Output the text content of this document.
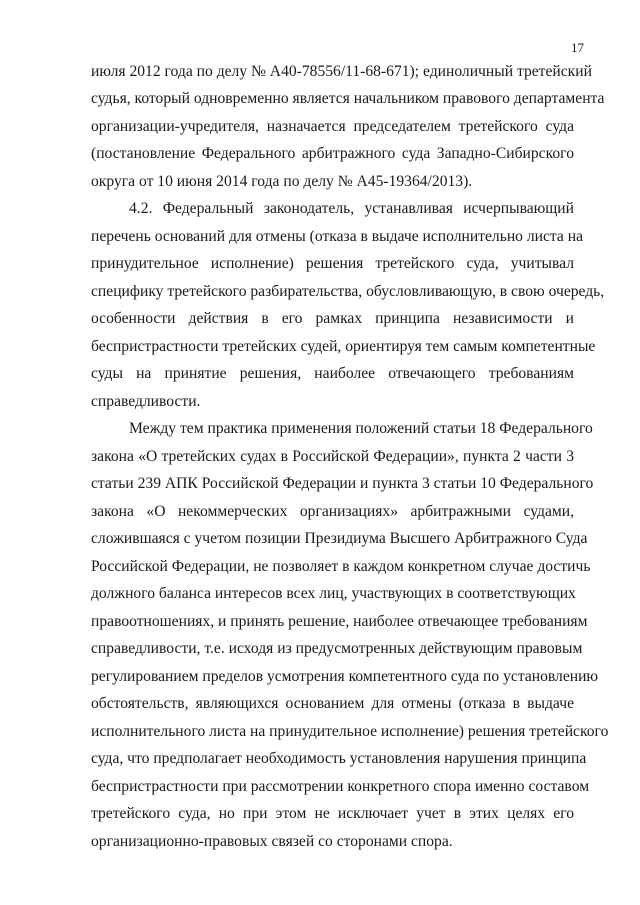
17
июля 2012 года по делу № А40-78556/11-68-671); единоличный третейский
судья, который одновременно является начальником правового департамента
организации-учредителя, назначается председателем третейского суда
(постановление Федерального арбитражного суда Западно-Сибирского
округа от 10 июня 2014 года по делу № А45-19364/2013).
4.2. Федеральный законодатель, устанавливая исчерпывающий
перечень оснований для отмены (отказа в выдаче исполнительно листа на
принудительное исполнение) решения третейского суда, учитывал
специфику третейского разбирательства, обусловливающую, в свою очередь,
особенности действия в его рамках принципа независимости и
беспристрастности третейских судей, ориентируя тем самым компетентные
суды на принятие решения, наиболее отвечающего требованиям
справедливости.
Между тем практика применения положений статьи 18 Федерального
закона «О третейских судах в Российской Федерации», пункта 2 части 3
статьи 239 АПК Российской Федерации и пункта 3 статьи 10 Федерального
закона «О некоммерческих организациях» арбитражными судами,
сложившаяся с учетом позиции Президиума Высшего Арбитражного Суда
Российской Федерации, не позволяет в каждом конкретном случае достичь
должного баланса интересов всех лиц, участвующих в соответствующих
правоотношениях, и принять решение, наиболее отвечающее требованиям
справедливости, т.е. исходя из предусмотренных действующим правовым
регулированием пределов усмотрения компетентного суда по установлению
обстоятельств, являющихся основанием для отмены (отказа в выдаче
исполнительного листа на принудительное исполнение) решения третейского
суда, что предполагает необходимость установления нарушения принципа
беспристрастности при рассмотрении конкретного спора именно составом
третейского суда, но при этом не исключает учет в этих целях его
организационно-правовых связей со сторонами спора.
